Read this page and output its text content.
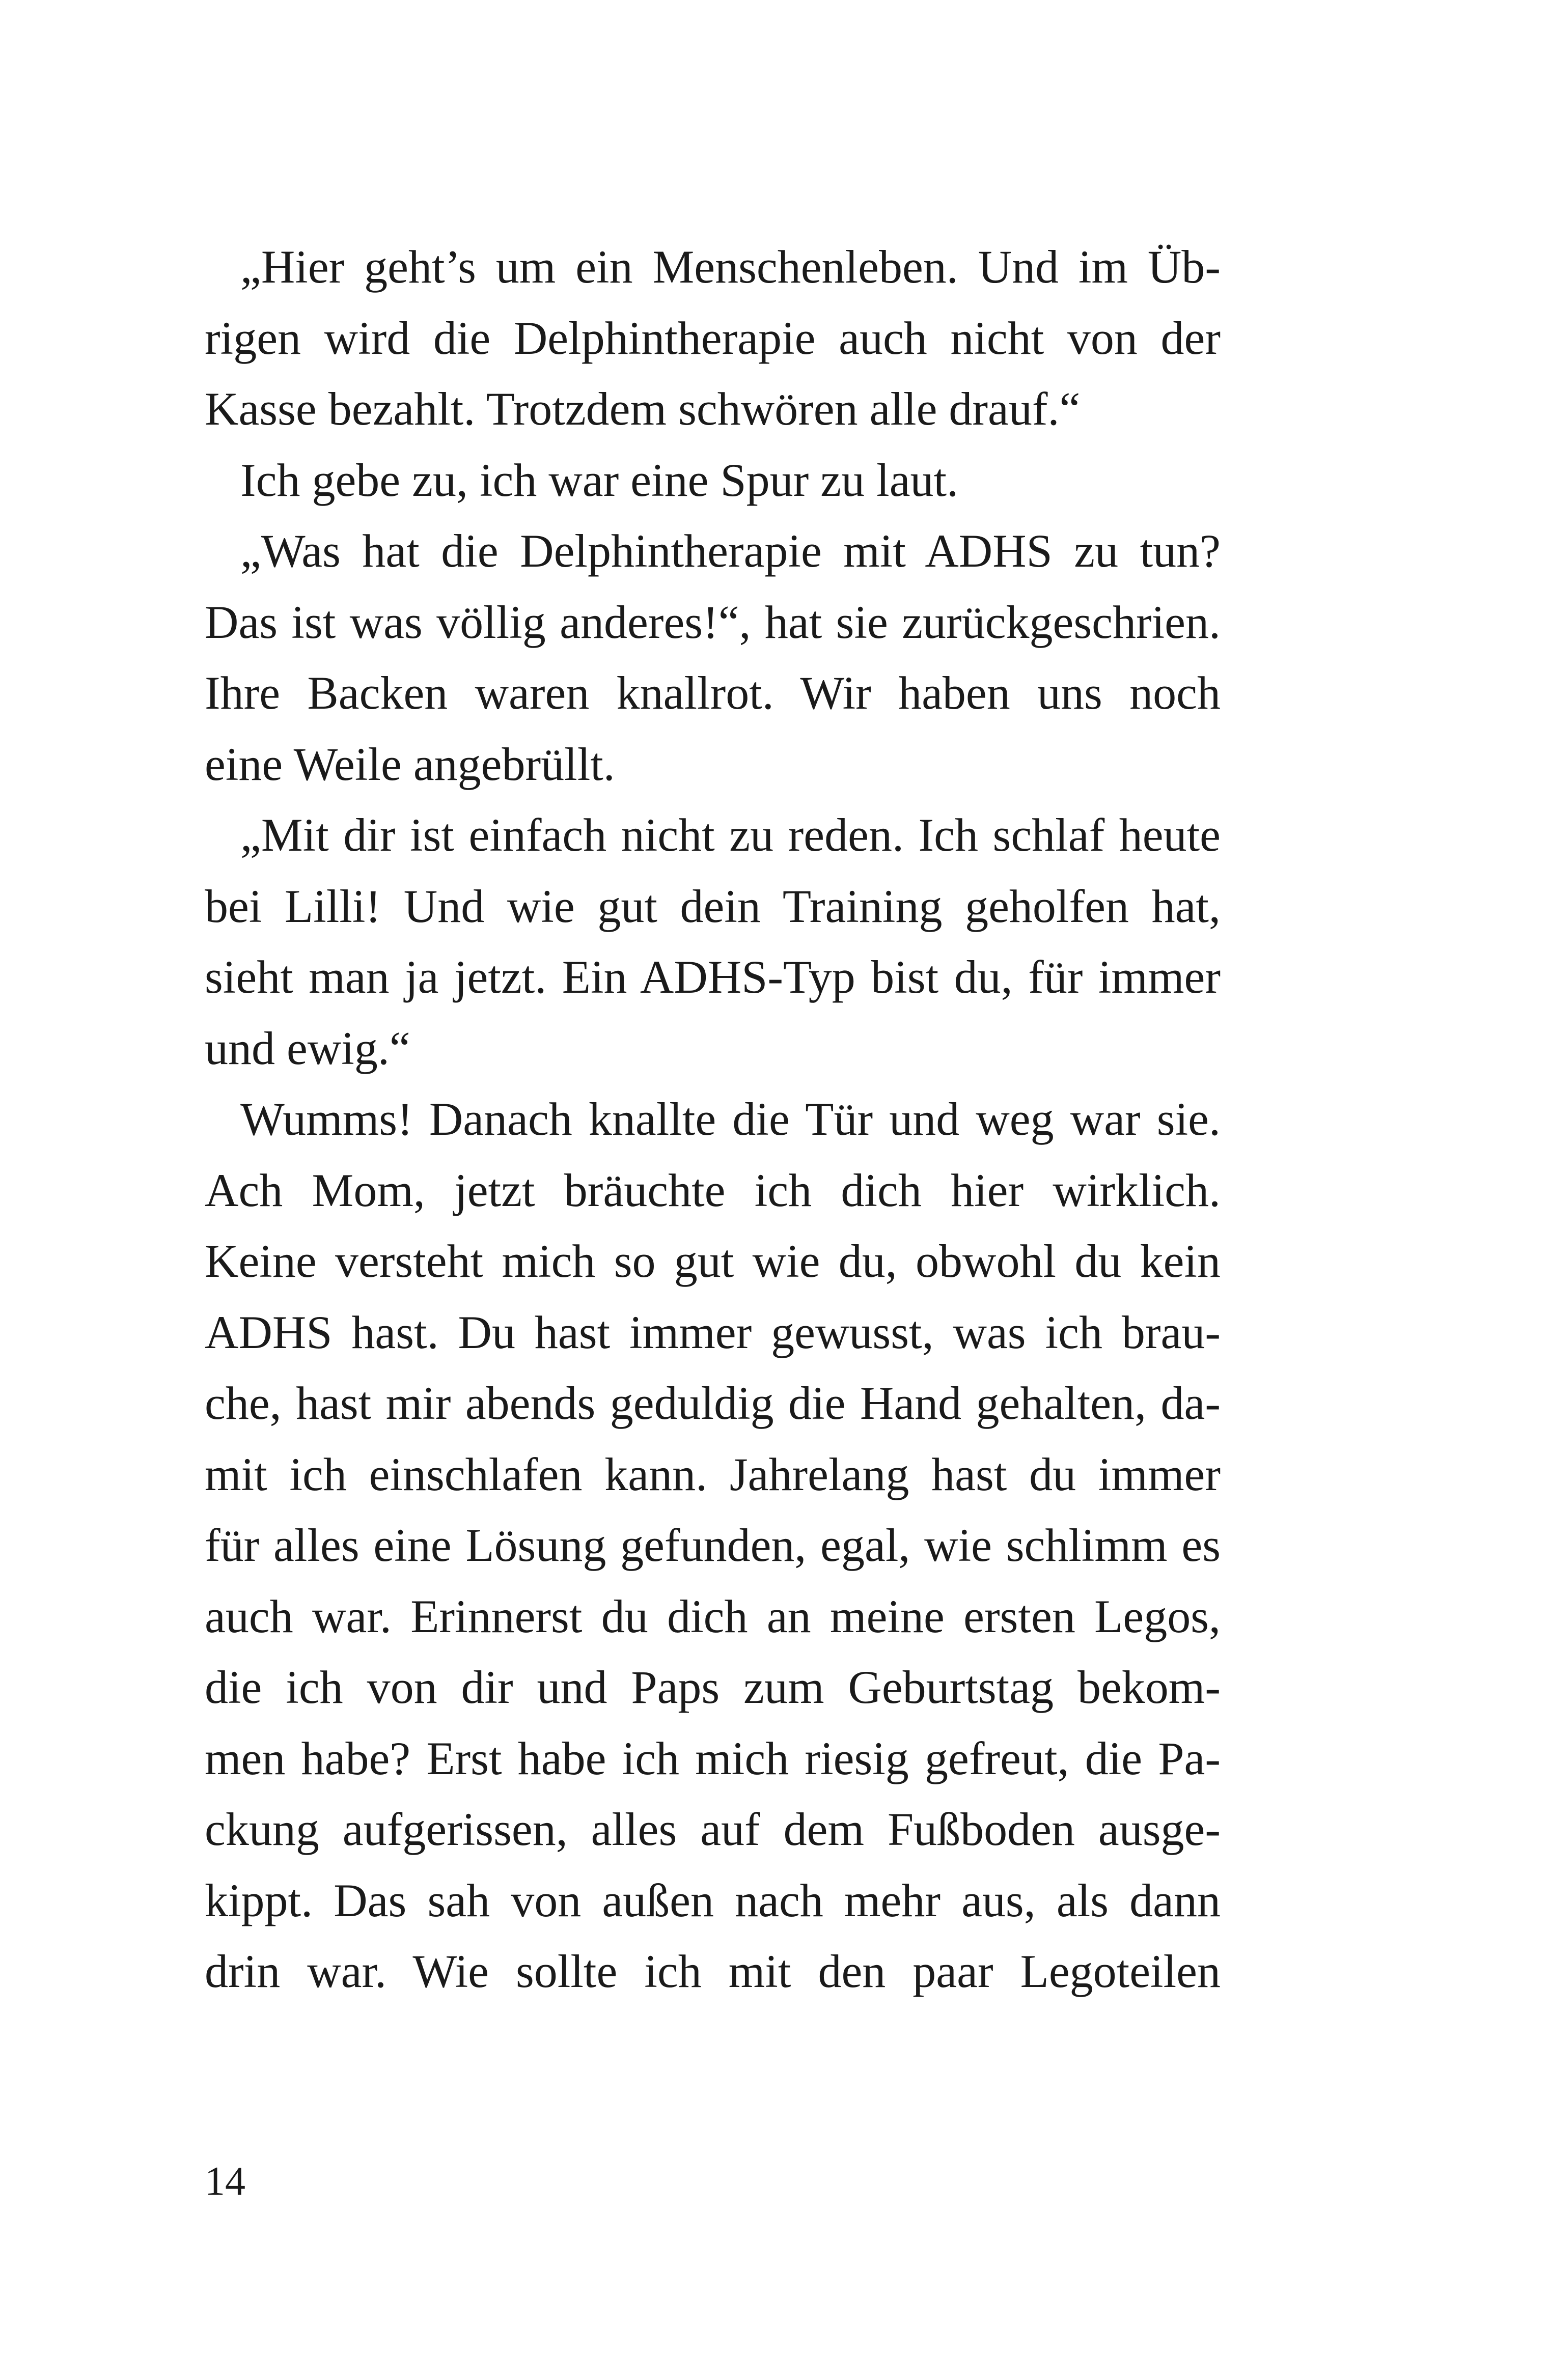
„Hier geht’s um ein Menschenleben. Und im Üb-
rigen wird die Delphintherapie auch nicht von der
Kasse bezahlt. Trotzdem schwören alle drauf.“
Ich gebe zu, ich war eine Spur zu laut.
„Was hat die Delphintherapie mit ADHS zu tun?
Das ist was völlig anderes!“, hat sie zurückgeschrien.
Ihre Backen waren knallrot. Wir haben uns noch
eine Weile angebrüllt.
„Mit dir ist einfach nicht zu reden. Ich schlaf heute
bei Lilli! Und wie gut dein Training geholfen hat,
sieht man ja jetzt. Ein ADHS-Typ bist du, für immer
und ewig.“
Wumms! Danach knallte die Tür und weg war sie.
Ach Mom, jetzt bräuchte ich dich hier wirklich.
Keine versteht mich so gut wie du, obwohl du kein
ADHS hast. Du hast immer gewusst, was ich brau-
che, hast mir abends geduldig die Hand gehalten, da-
mit ich einschlafen kann. Jahrelang hast du immer
für alles eine Lösung gefunden, egal, wie schlimm es
auch war. Erinnerst du dich an meine ersten Legos,
die ich von dir und Paps zum Geburtstag bekom-
men habe? Erst habe ich mich riesig gefreut, die Pa-
ckung aufgerissen, alles auf dem Fußboden ausge-
kippt. Das sah von außen nach mehr aus, als dann
drin war. Wie sollte ich mit den paar Legoteilen
14
